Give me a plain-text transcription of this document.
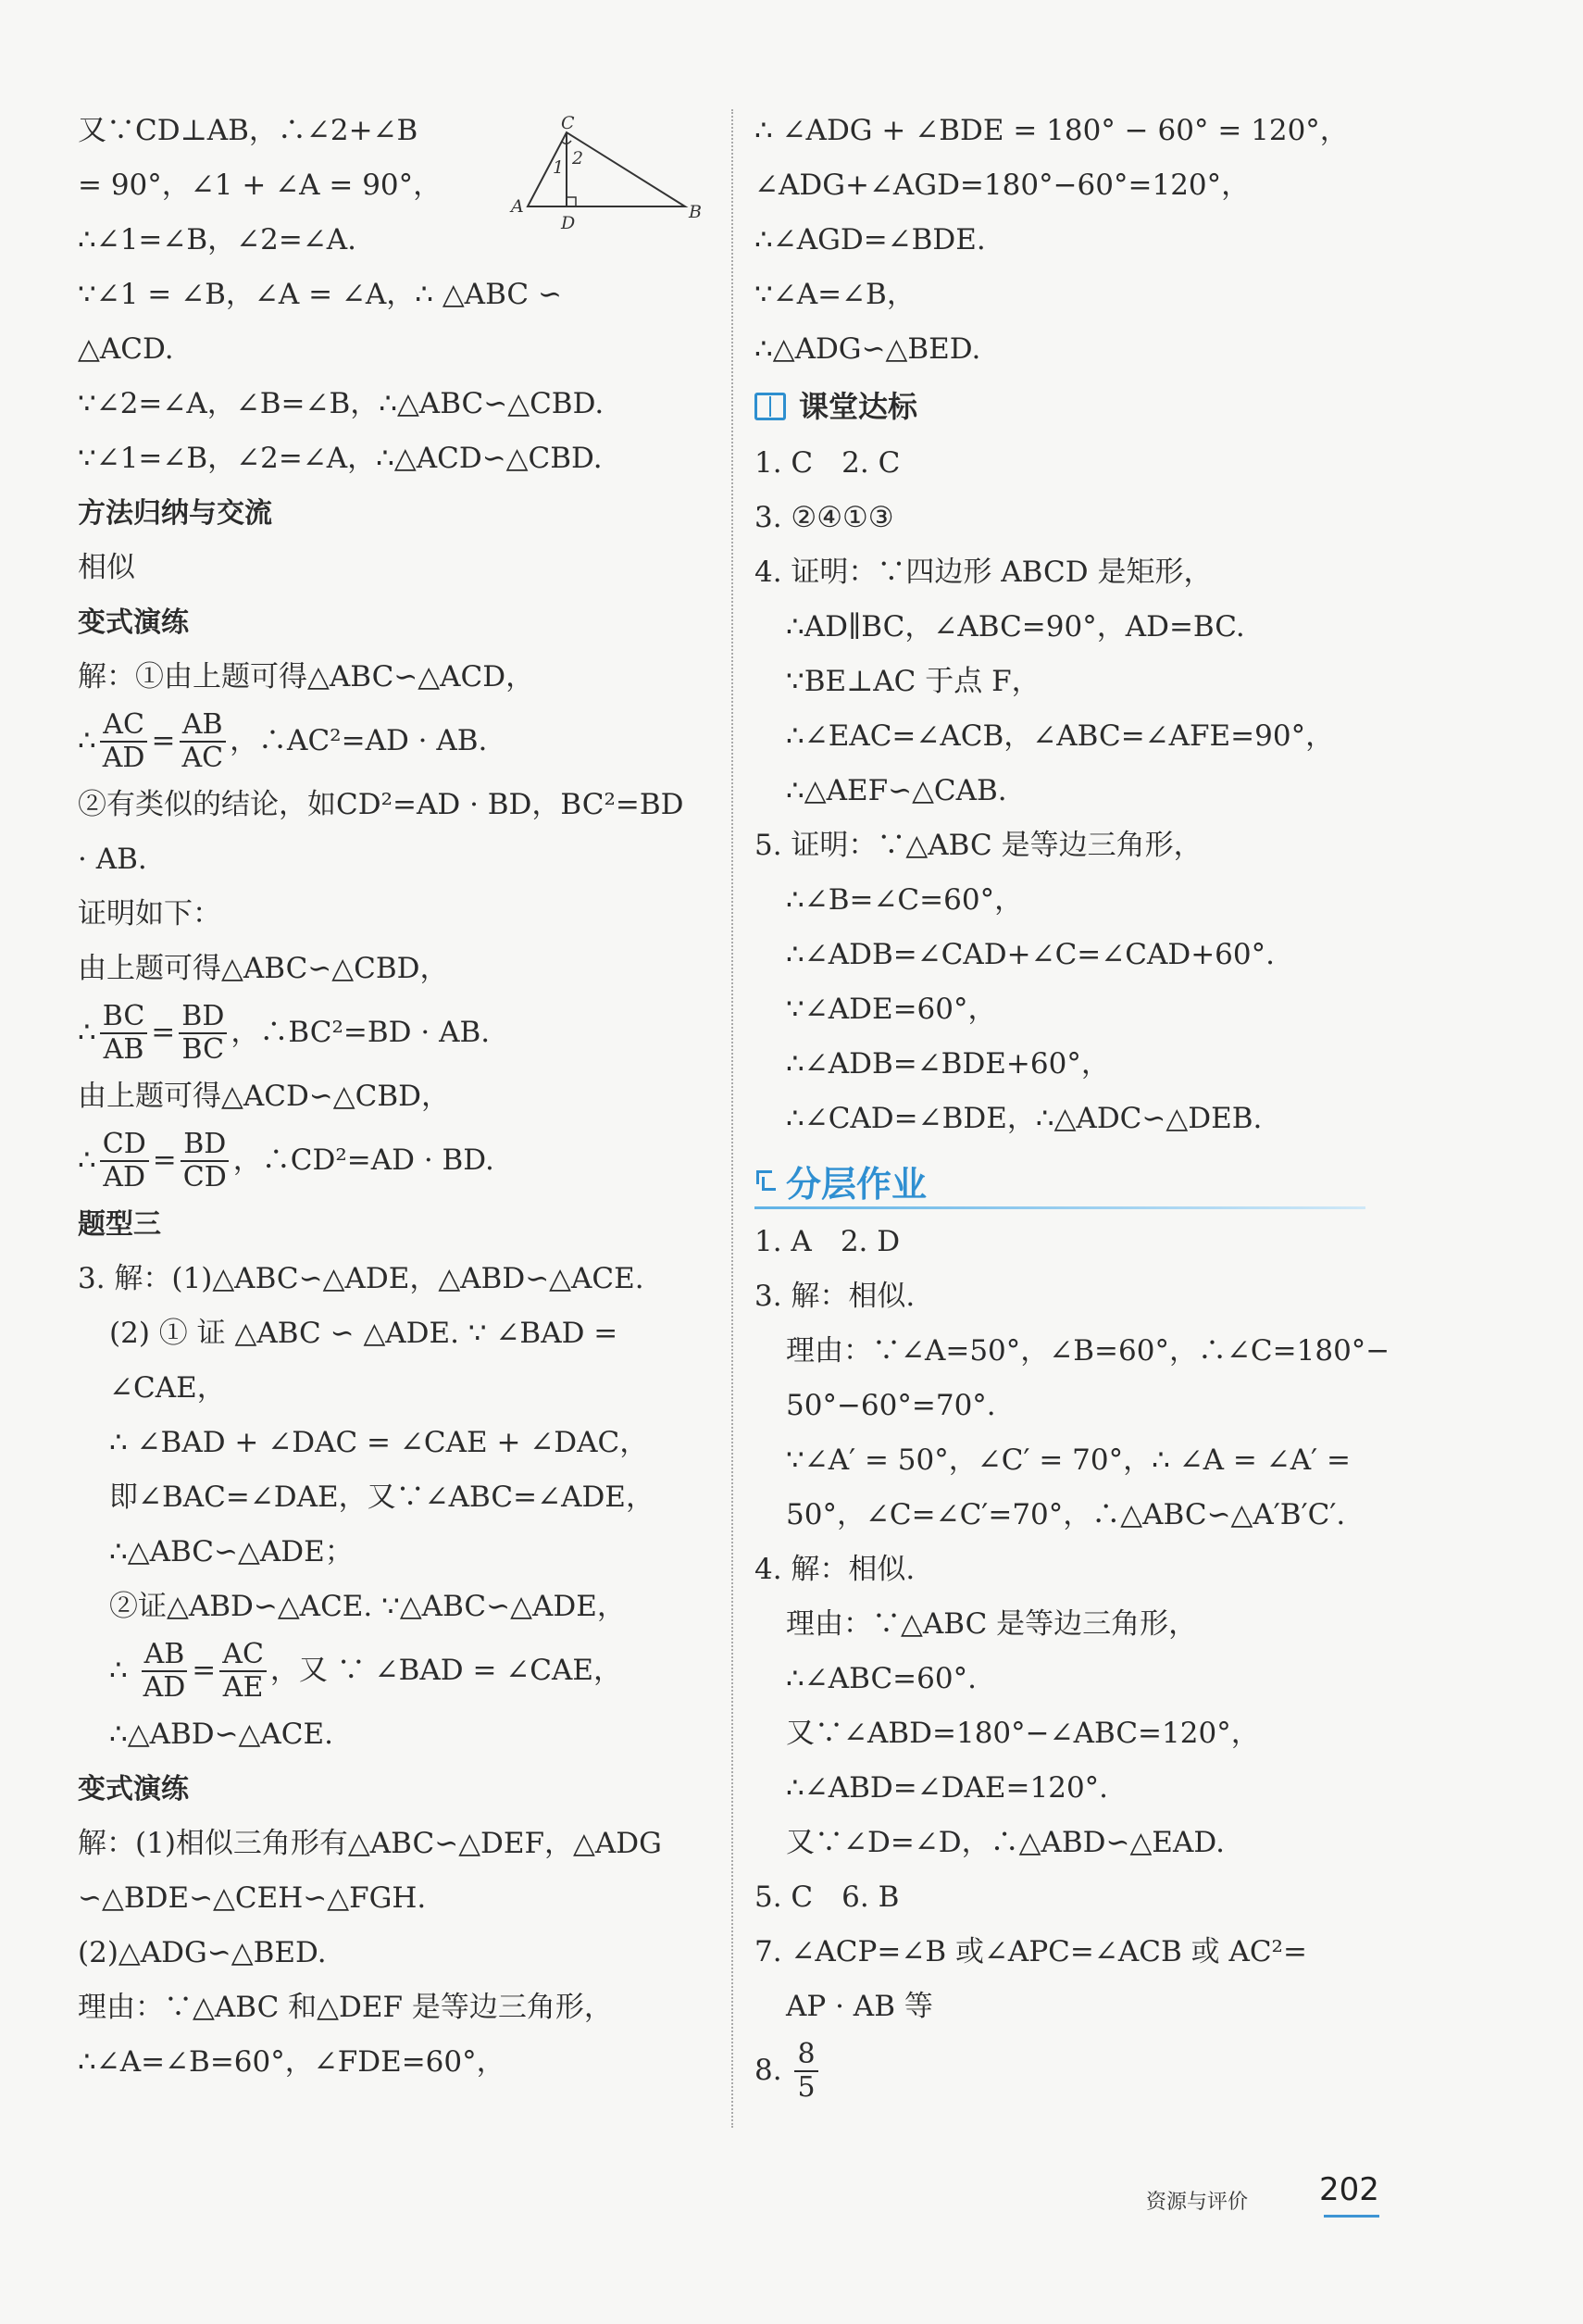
又∵CD⊥AB，∴∠2+∠B
= 90°，∠1 + ∠A = 90°，
∴∠1=∠B，∠2=∠A.
∵∠1 = ∠B，∠A = ∠A，∴ △ABC ∽
△ACD.
∵∠2=∠A，∠B=∠B，∴△ABC∽△CBD.
∵∠1=∠B，∠2=∠A，∴△ACD∽△CBD.
方法归纳与交流
相似
变式演练
解：①由上题可得△ABC∽△ACD，
∴ $\frac{AC}{AD} = \frac{AB}{AC}$ ，∴AC²=AD · AB.
②有类似的结论，如CD²=AD · BD，BC²=BD
· AB.
证明如下：
由上题可得△ABC∽△CBD，
∴ $\frac{BC}{AB} = \frac{BD}{BC}$ ，∴BC²=BD · AB.
由上题可得△ACD∽△CBD，
∴ $\frac{CD}{AD} = \frac{BD}{CD}$ ，∴CD²=AD · BD.
题型三
3. 解：(1)△ABC∽△ADE，△ABD∽△ACE.
(2) ① 证 △ABC ∽ △ADE. ∵ ∠BAD =
∠CAE，
∴ ∠BAD + ∠DAC = ∠CAE + ∠DAC，
即∠BAC=∠DAE，又∵∠ABC=∠ADE，
∴△ABC∽△ADE；
②证△ABD∽△ACE. ∵△ABC∽△ADE，
∴ $\frac{AB}{AD} = \frac{AC}{AE}$ ，又 ∵ ∠BAD = ∠CAE，
∴△ABD∽△ACE.
变式演练
解：(1)相似三角形有△ABC∽△DEF，△ADG
∽△BDE∽△CEH∽△FGH.
(2)△ADG∽△BED.
理由：∵△ABC 和△DEF 是等边三角形，
∴∠A=∠B=60°，∠FDE=60°，
∴ ∠ADG + ∠BDE = 180° − 60° = 120°，
∠ADG+∠AGD=180°−60°=120°，
∴∠AGD=∠BDE.
∵∠A=∠B，
∴△ADG∽△BED.
课堂达标
1. C　2. C
3. ②④①③
4. 证明：∵四边形 ABCD 是矩形，
∴AD∥BC，∠ABC=90°，AD=BC.
∵BE⊥AC 于点 F，
∴∠EAC=∠ACB，∠ABC=∠AFE=90°，
∴△AEF∽△CAB.
5. 证明：∵△ABC 是等边三角形，
∴∠B=∠C=60°，
∴∠ADB=∠CAD+∠C=∠CAD+60°.
∵∠ADE=60°，
∴∠ADB=∠BDE+60°，
∴∠CAD=∠BDE，∴△ADC∽△DEB.
分层作业
1. A　2. D
3. 解：相似.
理由：∵∠A=50°，∠B=60°，∴∠C=180°−
50°−60°=70°.
∵∠A′ = 50°，∠C′ = 70°，∴ ∠A = ∠A′ =
50°，∠C=∠C′=70°，∴△ABC∽△A′B′C′.
4. 解：相似.
理由：∵△ABC 是等边三角形，
∴∠ABC=60°.
又∵∠ABD=180°−∠ABC=120°，
∴∠ABD=∠DAE=120°.
又∵∠D=∠D，∴△ABD∽△EAD.
5. C　6. B
7. ∠ACP=∠B 或∠APC=∠ACB 或 AC²=
AP · AB 等
8. $\frac{8}{5}$
C
A	B
D
1 2
资源与评价 202
